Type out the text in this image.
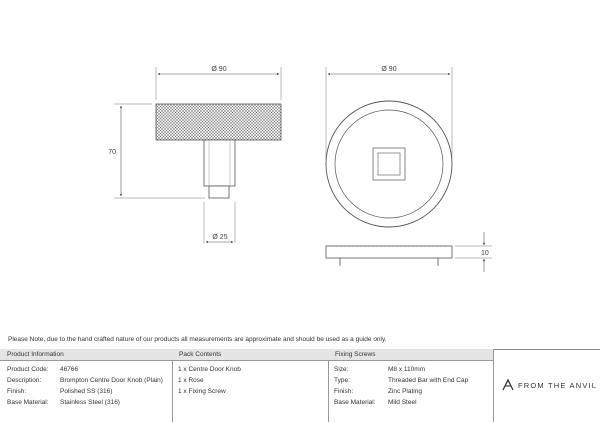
Ø 90
70
Ø 25
Ø 90
10
Please Note, due to the hand crafted nature of our products all measurements are approximate and should be used as a guide only.
Product Information
Product Code: 46766
Description:	Brompton Centre Door Knob (Plain)
Finish:	Polished SS (316)
Base Material: Stainless Steel (316)
Pack Contents
1 x Centre Door Knob
1 x Rose
1 x Fixing Screw
Fixing Screws
Size:	M8 x 110mm
Type:	Threaded Bar with End Cap
Finish:	Zinc Plating
Base Material: Mild Steel
FROM THE ANVIL
